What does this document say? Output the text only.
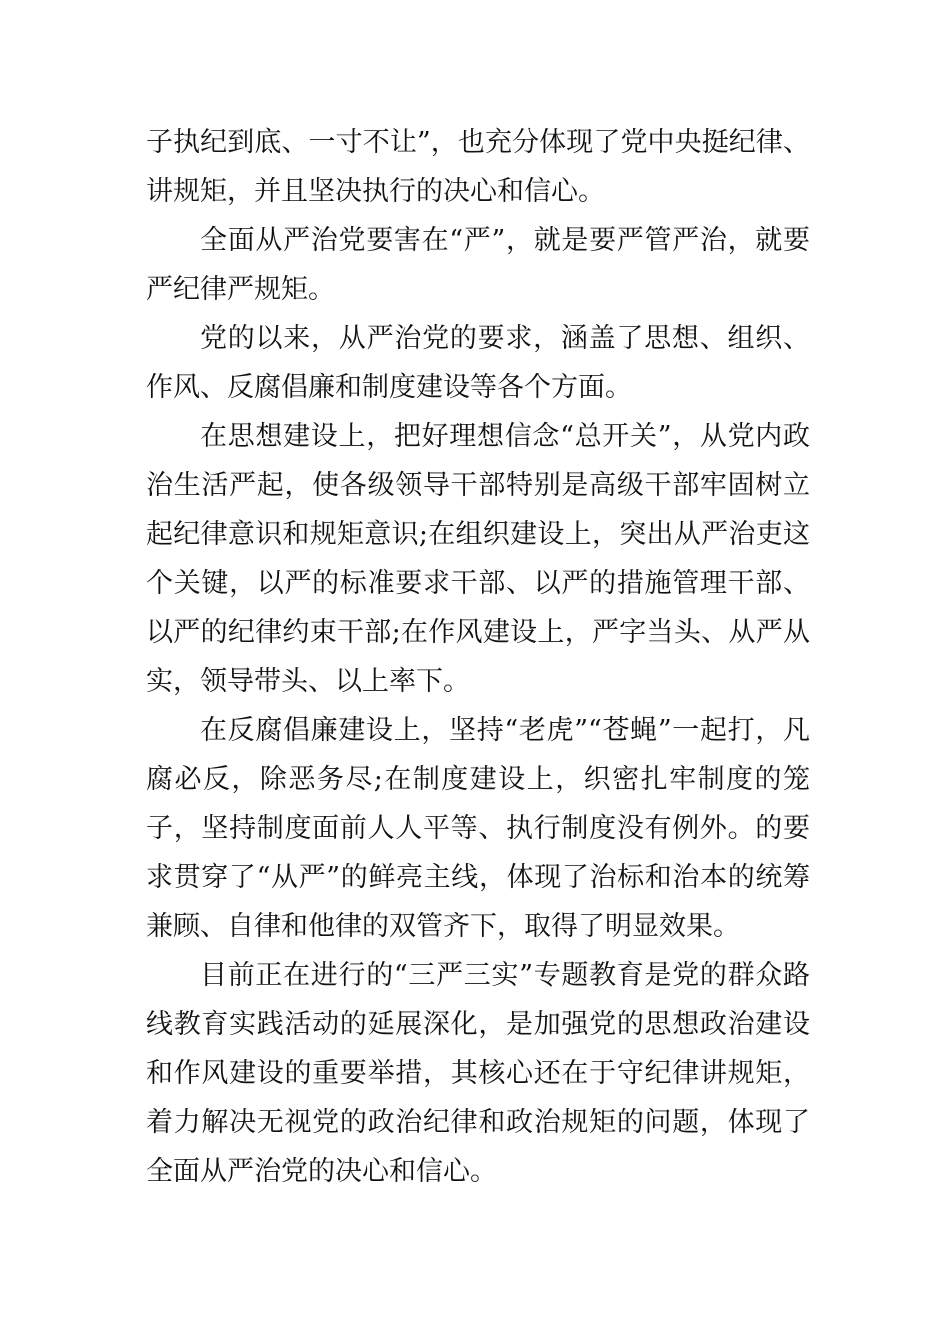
子执纪到底、一寸不让”，也充分体现了党中央挺纪律、讲规矩，并且坚决执行的决心和信心。

全面从严治党要害在“严”，就是要严管严治，就要严纪律严规矩。

党的以来，从严治党的要求，涵盖了思想、组织、作风、反腐倡廉和制度建设等各个方面。

在思想建设上，把好理想信念“总开关”，从党内政治生活严起，使各级领导干部特别是高级干部牢固树立起纪律意识和规矩意识;在组织建设上，突出从严治吏这个关键，以严的标准要求干部、以严的措施管理干部、以严的纪律约束干部;在作风建设上，严字当头、从严从实，领导带头、以上率下。

在反腐倡廉建设上，坚持“老虎”“苍蝇”一起打，凡腐必反，除恶务尽;在制度建设上，织密扎牢制度的笼子，坚持制度面前人人平等、执行制度没有例外。的要求贯穿了“从严”的鲜亮主线，体现了治标和治本的统筹兼顾、自律和他律的双管齐下，取得了明显效果。

目前正在进行的“三严三实”专题教育是党的群众路线教育实践活动的延展深化，是加强党的思想政治建设和作风建设的重要举措，其核心还在于守纪律讲规矩，着力解决无视党的政治纪律和政治规矩的问题，体现了全面从严治党的决心和信心。
